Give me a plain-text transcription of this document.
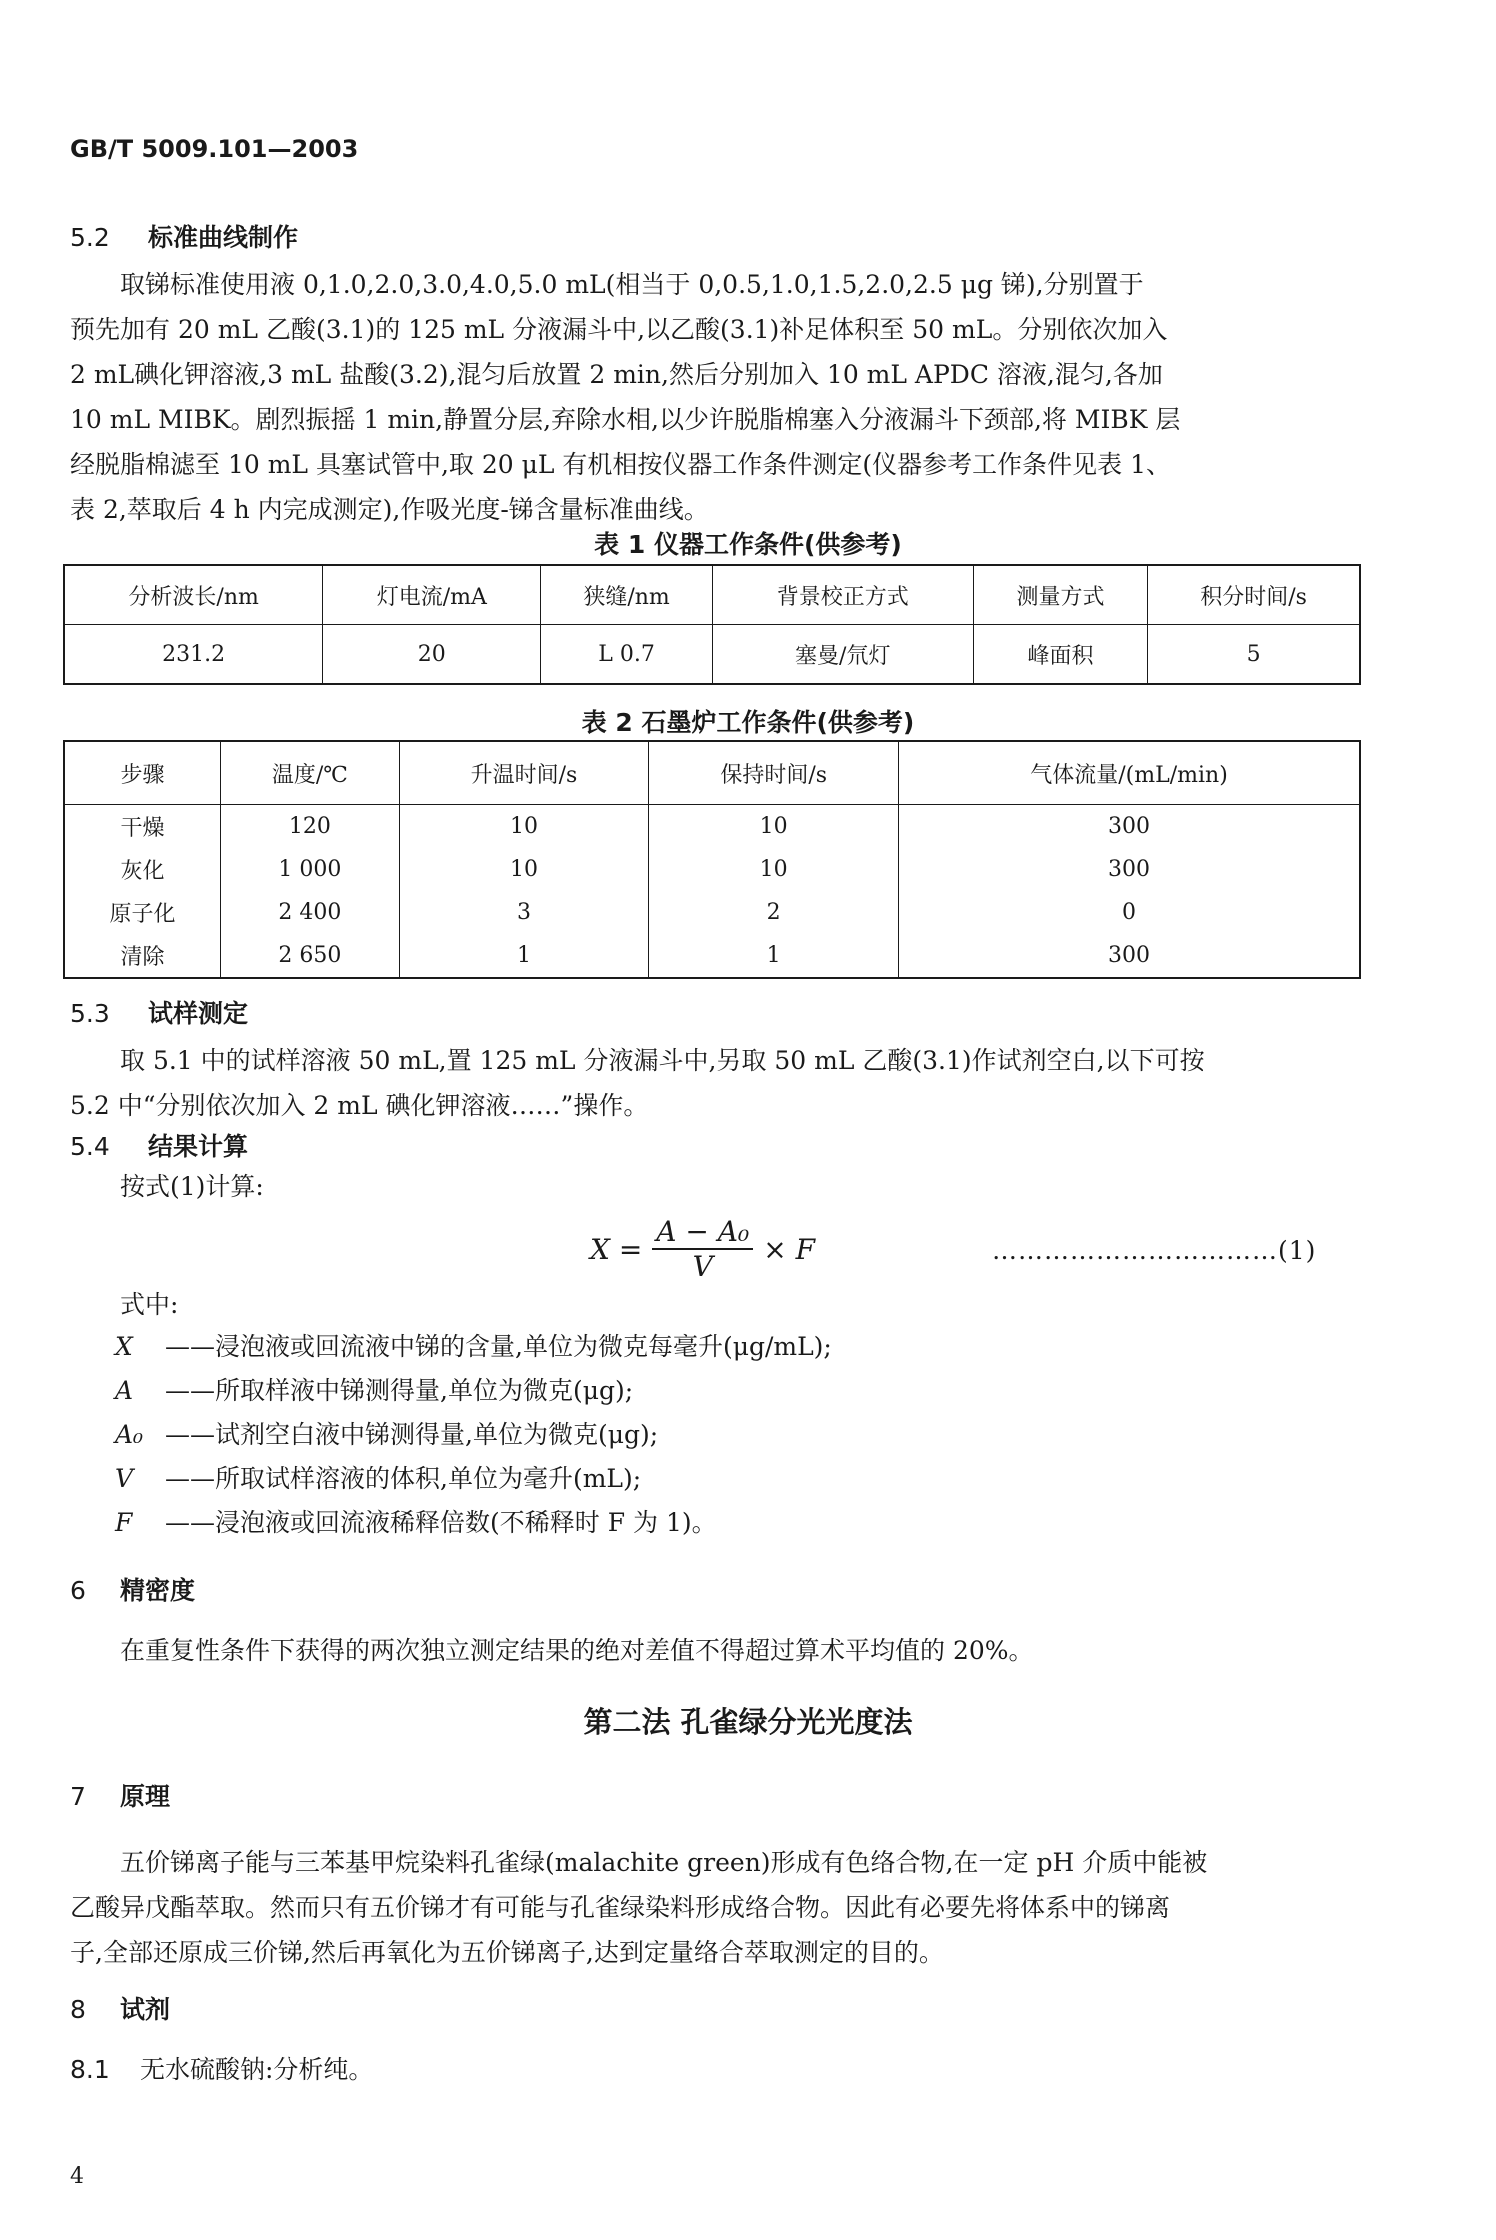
GB/T 5009.101—2003
5.2 标准曲线制作
取锑标准使用液 0,1.0,2.0,3.0,4.0,5.0 mL(相当于 0,0.5,1.0,1.5,2.0,2.5 μg 锑),分别置于
预先加有 20 mL 乙酸(3.1)的 125 mL 分液漏斗中,以乙酸(3.1)补足体积至 50 mL。分别依次加入
2 mL碘化钾溶液,3 mL 盐酸(3.2),混匀后放置 2 min,然后分别加入 10 mL APDC 溶液,混匀,各加
10 mL MIBK。剧烈振摇 1 min,静置分层,弃除水相,以少许脱脂棉塞入分液漏斗下颈部,将 MIBK 层
经脱脂棉滤至 10 mL 具塞试管中,取 20 μL 有机相按仪器工作条件测定(仪器参考工作条件见表 1、
表 2,萃取后 4 h 内完成测定),作吸光度-锑含量标准曲线。
表 1 仪器工作条件(供参考)
分析波长/nm	灯电流/mA	狭缝/nm	背景校正方式	测量方式	积分时间/s
231.2	20	L 0.7	塞曼/氘灯	峰面积	5
表 2 石墨炉工作条件(供参考)
步骤	温度/℃	升温时间/s	保持时间/s	气体流量/(mL/min)
干燥	120	10	10	300
灰化	1 000	10	10	300
原子化	2 400	3	2	0
清除	2 650	1	1	300
5.3 试样测定
取 5.1 中的试样溶液 50 mL,置 125 mL 分液漏斗中,另取 50 mL 乙酸(3.1)作试剂空白,以下可按
5.2 中“分别依次加入 2 mL 碘化钾溶液……”操作。
5.4 结果计算
按式(1)计算:
$X = \frac{\text{A − A₀}}{V} \times F$	……………………………(1)
式中:
X ——浸泡液或回流液中锑的含量,单位为微克每毫升(μg/mL);
A ——所取样液中锑测得量,单位为微克(μg);
A₀ ——试剂空白液中锑测得量,单位为微克(μg);
V ——所取试样溶液的体积,单位为毫升(mL);
F ——浸泡液或回流液稀释倍数(不稀释时 F 为 1)。
6 精密度
在重复性条件下获得的两次独立测定结果的绝对差值不得超过算术平均值的 20%。
第二法 孔雀绿分光光度法
7 原理
五价锑离子能与三苯基甲烷染料孔雀绿(malachite green)形成有色络合物,在一定 pH 介质中能被
乙酸异戊酯萃取。然而只有五价锑才有可能与孔雀绿染料形成络合物。因此有必要先将体系中的锑离
子,全部还原成三价锑,然后再氧化为五价锑离子,达到定量络合萃取测定的目的。
8 试剂
8.1 无水硫酸钠:分析纯。
4
